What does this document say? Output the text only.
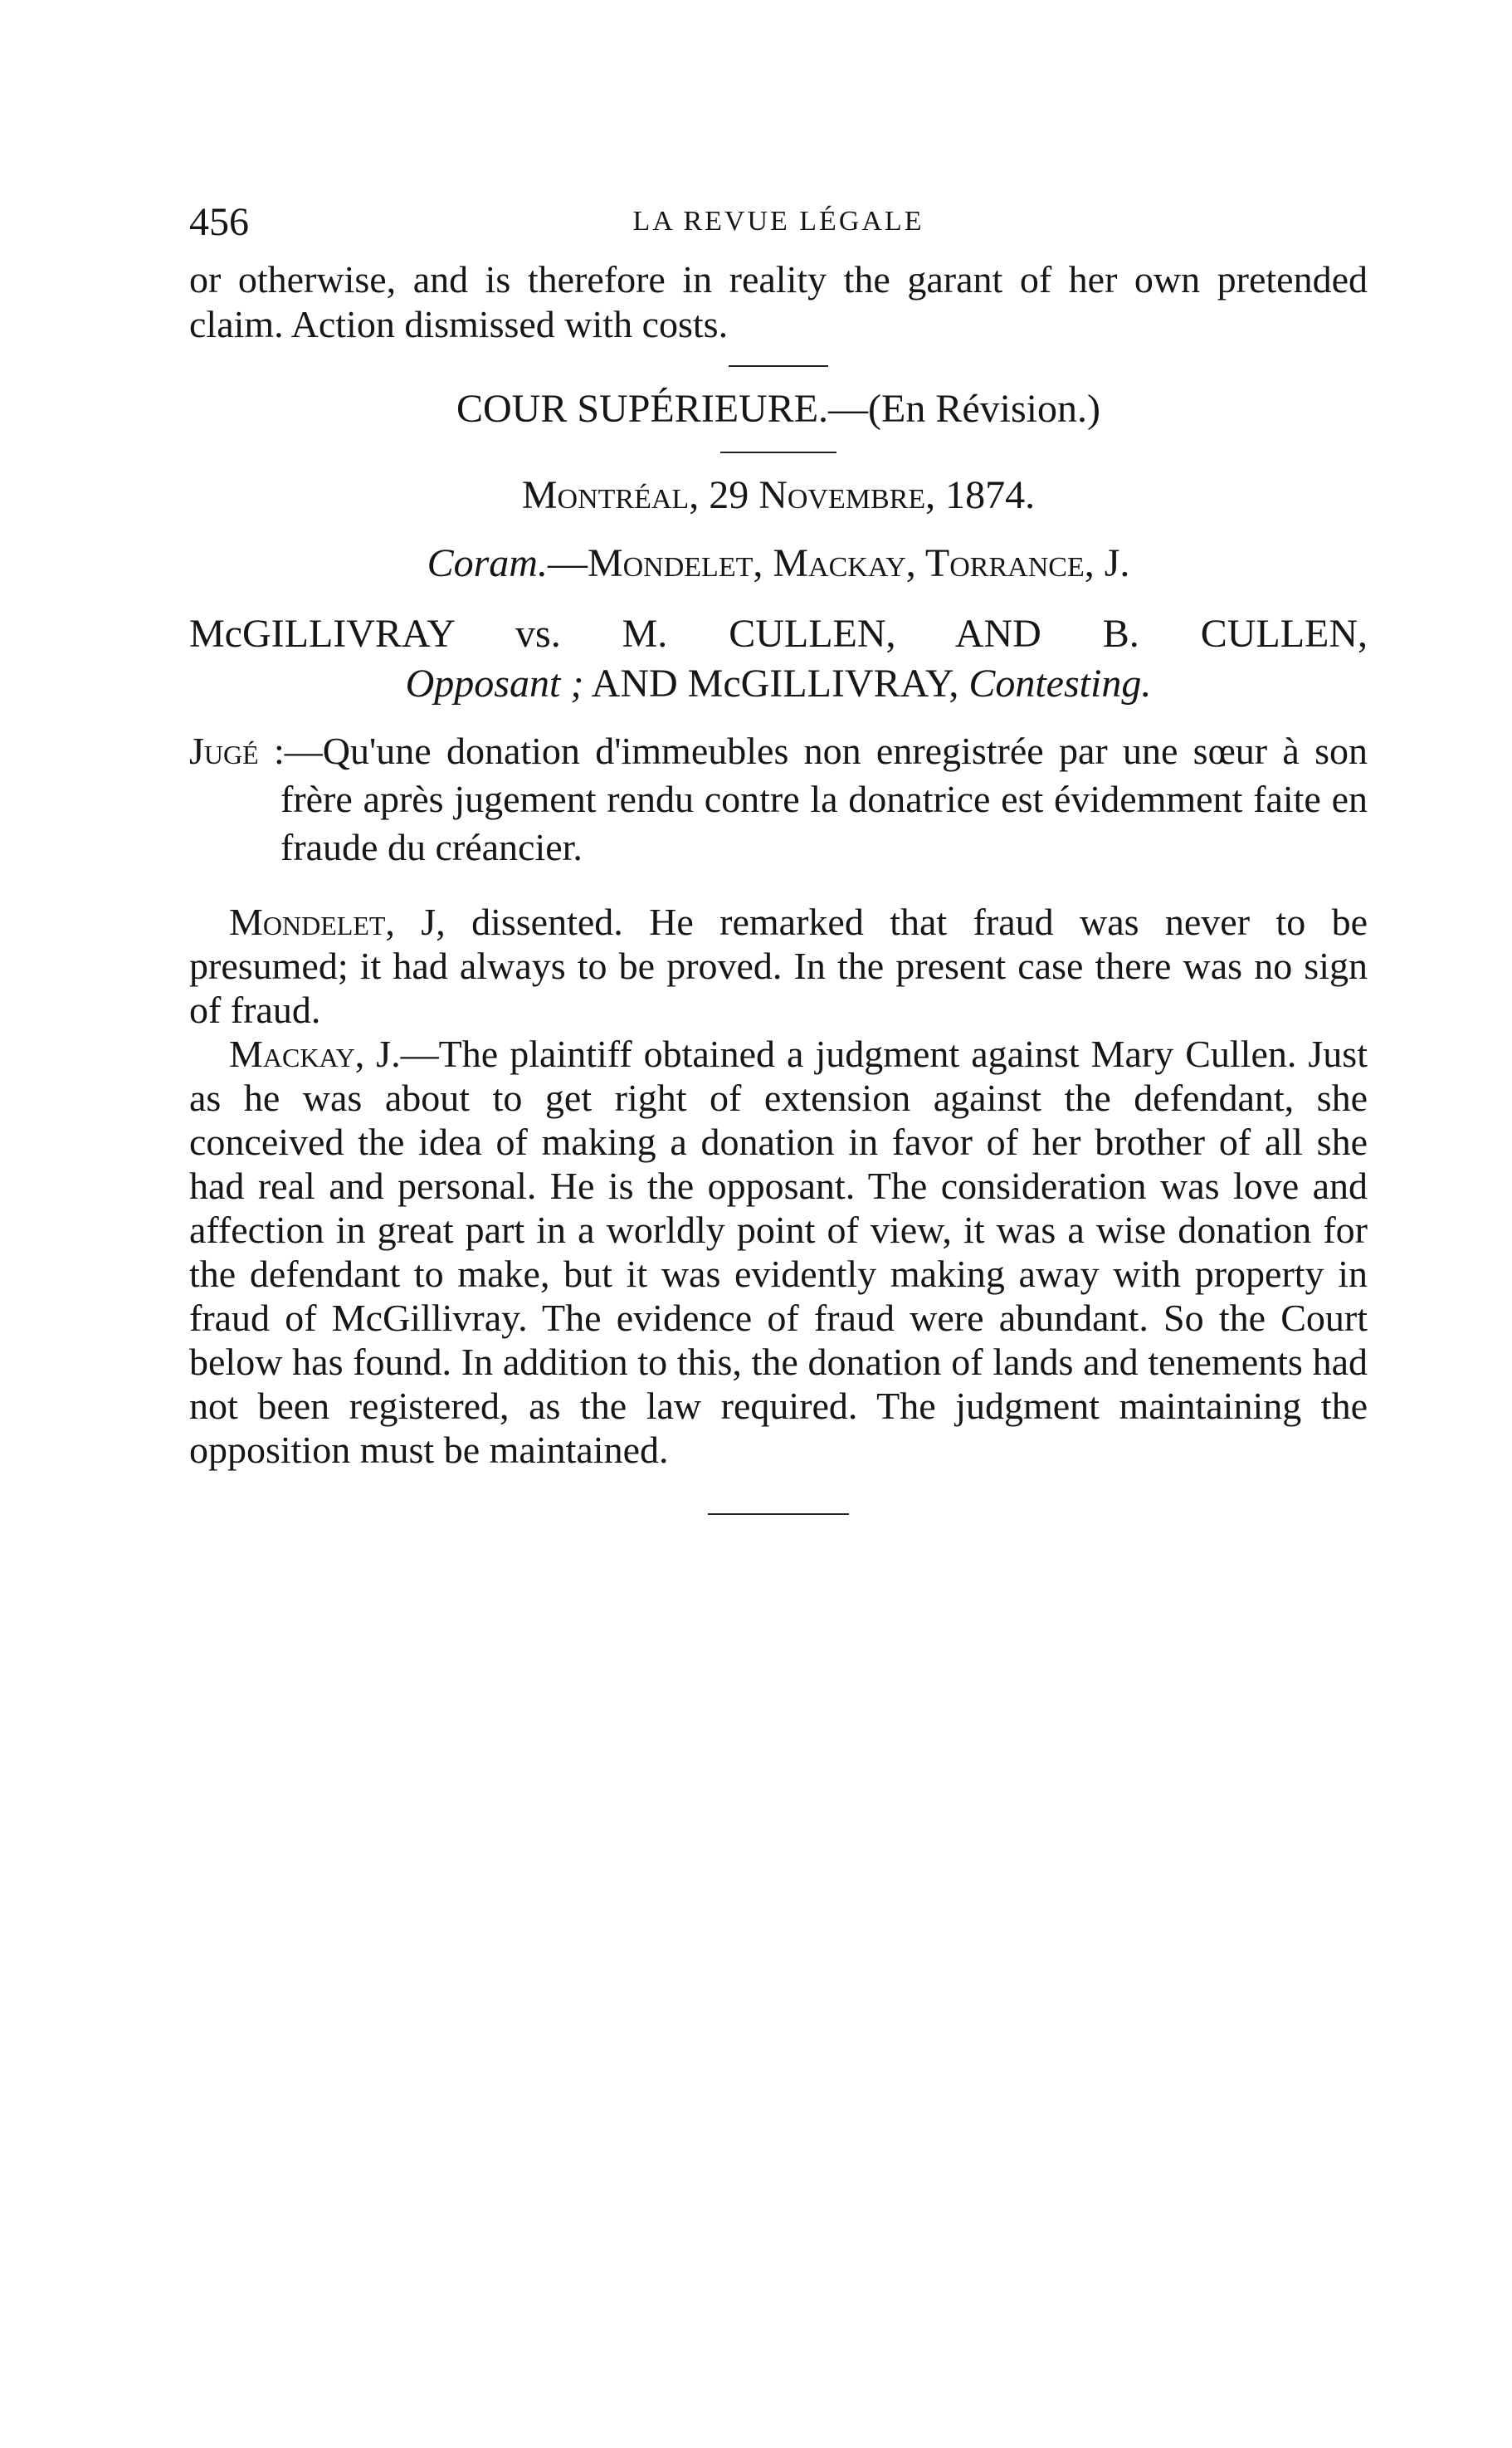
456	LA REVUE LÉGALE

or otherwise, and is therefore in reality the garant of her own pretended claim. Action dismissed with costs.

COUR SUPÉRIEURE.—(En Révision.)
Montréal, 29 Novembre, 1874.
Coram.—Mondelet, Mackay, Torrance, J.
McGILLIVRAY vs. M. CULLEN, AND B. CULLEN,
Opposant ; AND McGILLIVRAY, Contesting.
Jugé :—Qu'une donation d'immeubles non enregistrée par une sœur à son frère après jugement rendu contre la donatrice est évidemment faite en fraude du créancier.

Mondelet, J, dissented. He remarked that fraud was never to be presumed; it had always to be proved. In the present case there was no sign of fraud.

Mackay, J.—The plaintiff obtained a judgment against Mary Cullen. Just as he was about to get right of extension against the defendant, she conceived the idea of making a donation in favor of her brother of all she had real and personal. He is the opposant. The consideration was love and affection in great part in a worldly point of view, it was a wise donation for the defendant to make, but it was evidently making away with property in fraud of McGillivray. The evidence of fraud were abundant. So the Court below has found. In addition to this, the donation of lands and tenements had not been registered, as the law required. The judgment maintaining the opposition must be maintained.
